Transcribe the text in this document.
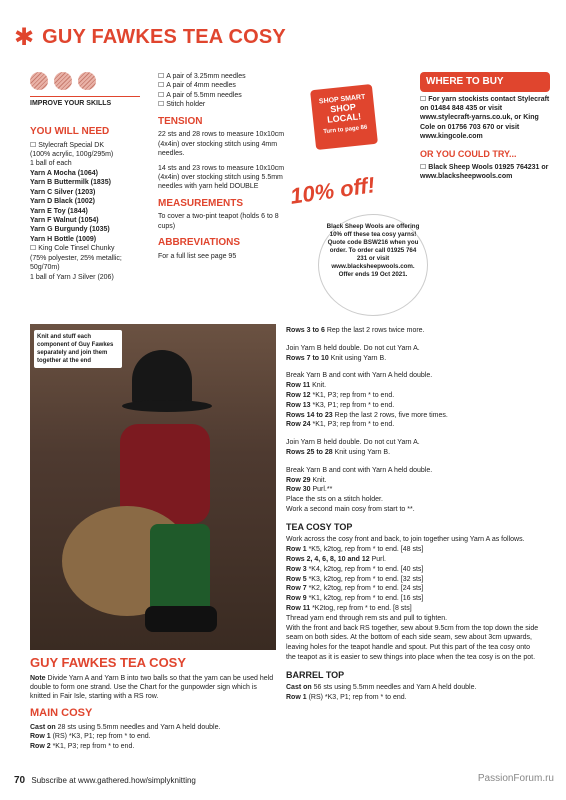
✱ GUY FAWKES TEA COSY
IMPROVE YOUR SKILLS
YOU WILL NEED
☐ Stylecraft Special DK
(100% acrylic, 100g/295m)
1 ball of each
Yarn A Mocha (1064)
Yarn B Buttermilk (1835)
Yarn C Silver (1203)
Yarn D Black (1002)
Yarn E Toy (1844)
Yarn F Walnut (1054)
Yarn G Burgundy (1035)
Yarn H Bottle (1009)
☐ King Cole Tinsel Chunky
(75% polyester, 25% metallic;
50g/70m)
1 ball of Yarn J Silver (206)
☐ A pair of 3.25mm needles
☐ A pair of 4mm needles
☐ A pair of 5.5mm needles
☐ Stitch holder
TENSION
22 sts and 28 rows to measure 10x10cm (4x4in) over stocking stitch using 4mm needles.
14 sts and 23 rows to measure 10x10cm (4x4in) over stocking stitch using 5.5mm needles with yarn held DOUBLE
MEASUREMENTS
To cover a two-pint teapot (holds 6 to 8 cups)
ABBREVIATIONS
For a full list see page 95
SHOP SMART
SHOP
LOCAL!
Turn to page 86
10% off!
Black Sheep Wools are offering 10% off these tea cosy yarns! Quote code BSW216 when you order. To order call 01925 764 231 or visit www.blacksheepwools.com. Offer ends 19 Oct 2021.
WHERE TO BUY
☐ For yarn stockists contact Stylecraft on 01484 848 435 or visit www.stylecraft-yarns.co.uk, or King Cole on 01756 703 670 or visit www.kingcole.com
OR YOU COULD TRY...
☐ Black Sheep Wools 01925 764231 or www.blacksheepwools.com
Knit and stuff each component of Guy Fawkes separately and join them together at the end
GUY FAWKES TEA COSY
Note Divide Yarn A and Yarn B into two balls so that the yarn can be used held double to form one strand. Use the Chart for the gunpowder sign which is knitted in Fair Isle, starting with a RS row.
MAIN COSY
Cast on 28 sts using 5.5mm needles and Yarn A held double.
Row 1 (RS) *K3, P1; rep from * to end.
Row 2 *K1, P3; rep from * to end.

Rows 3 to 6 Rep the last 2 rows twice more.

Join Yarn B held double. Do not cut Yarn A.

Rows 7 to 10 Knit using Yarn B.

Break Yarn B and cont with Yarn A held double.

Row 11 Knit.

Row 12 *K1, P3; rep from * to end.

Row 13 *K3, P1; rep from * to end.

Rows 14 to 23 Rep the last 2 rows, five more times.

Row 24 *K1, P3; rep from * to end.

Join Yarn B held double. Do not cut Yarn A.

Rows 25 to 28 Knit using Yarn B.

Break Yarn B and cont with Yarn A held double.

Row 29 Knit.

Row 30 Purl.**

Place the sts on a stitch holder.

Work a second main cosy from start to **.

TEA COSY TOP

Work across the cosy front and back, to join together using Yarn A as follows.

Row 1 *K5, k2tog, rep from * to end. [48 sts]

Rows 2, 4, 6, 8, 10 and 12 Purl.

Row 3 *K4, k2tog, rep from * to end. [40 sts]

Row 5 *K3, k2tog, rep from * to end. [32 sts]

Row 7 *K2, k2tog, rep from * to end. [24 sts]

Row 9 *K1, k2tog, rep from * to end. [16 sts]

Row 11 *K2tog, rep from * to end. [8 sts]

Thread yarn end through rem sts and pull to tighten.

With the front and back RS together, sew about 9.5cm from the top down the side seam on both sides. At the bottom of each side seam, sew about 3cm upwards, leaving holes for the teapot handle and spout. Put this part of the tea cosy onto the teapot as it is easier to sew things into place when the tea cosy is on the pot.

BARREL TOP

Cast on 56 sts using 5.5mm needles and Yarn A held double.

Row 1 (RS) *K3, P1; rep from * to end.

70 Subscribe at www.gathered.how/simplyknitting	PassionForum.ru
